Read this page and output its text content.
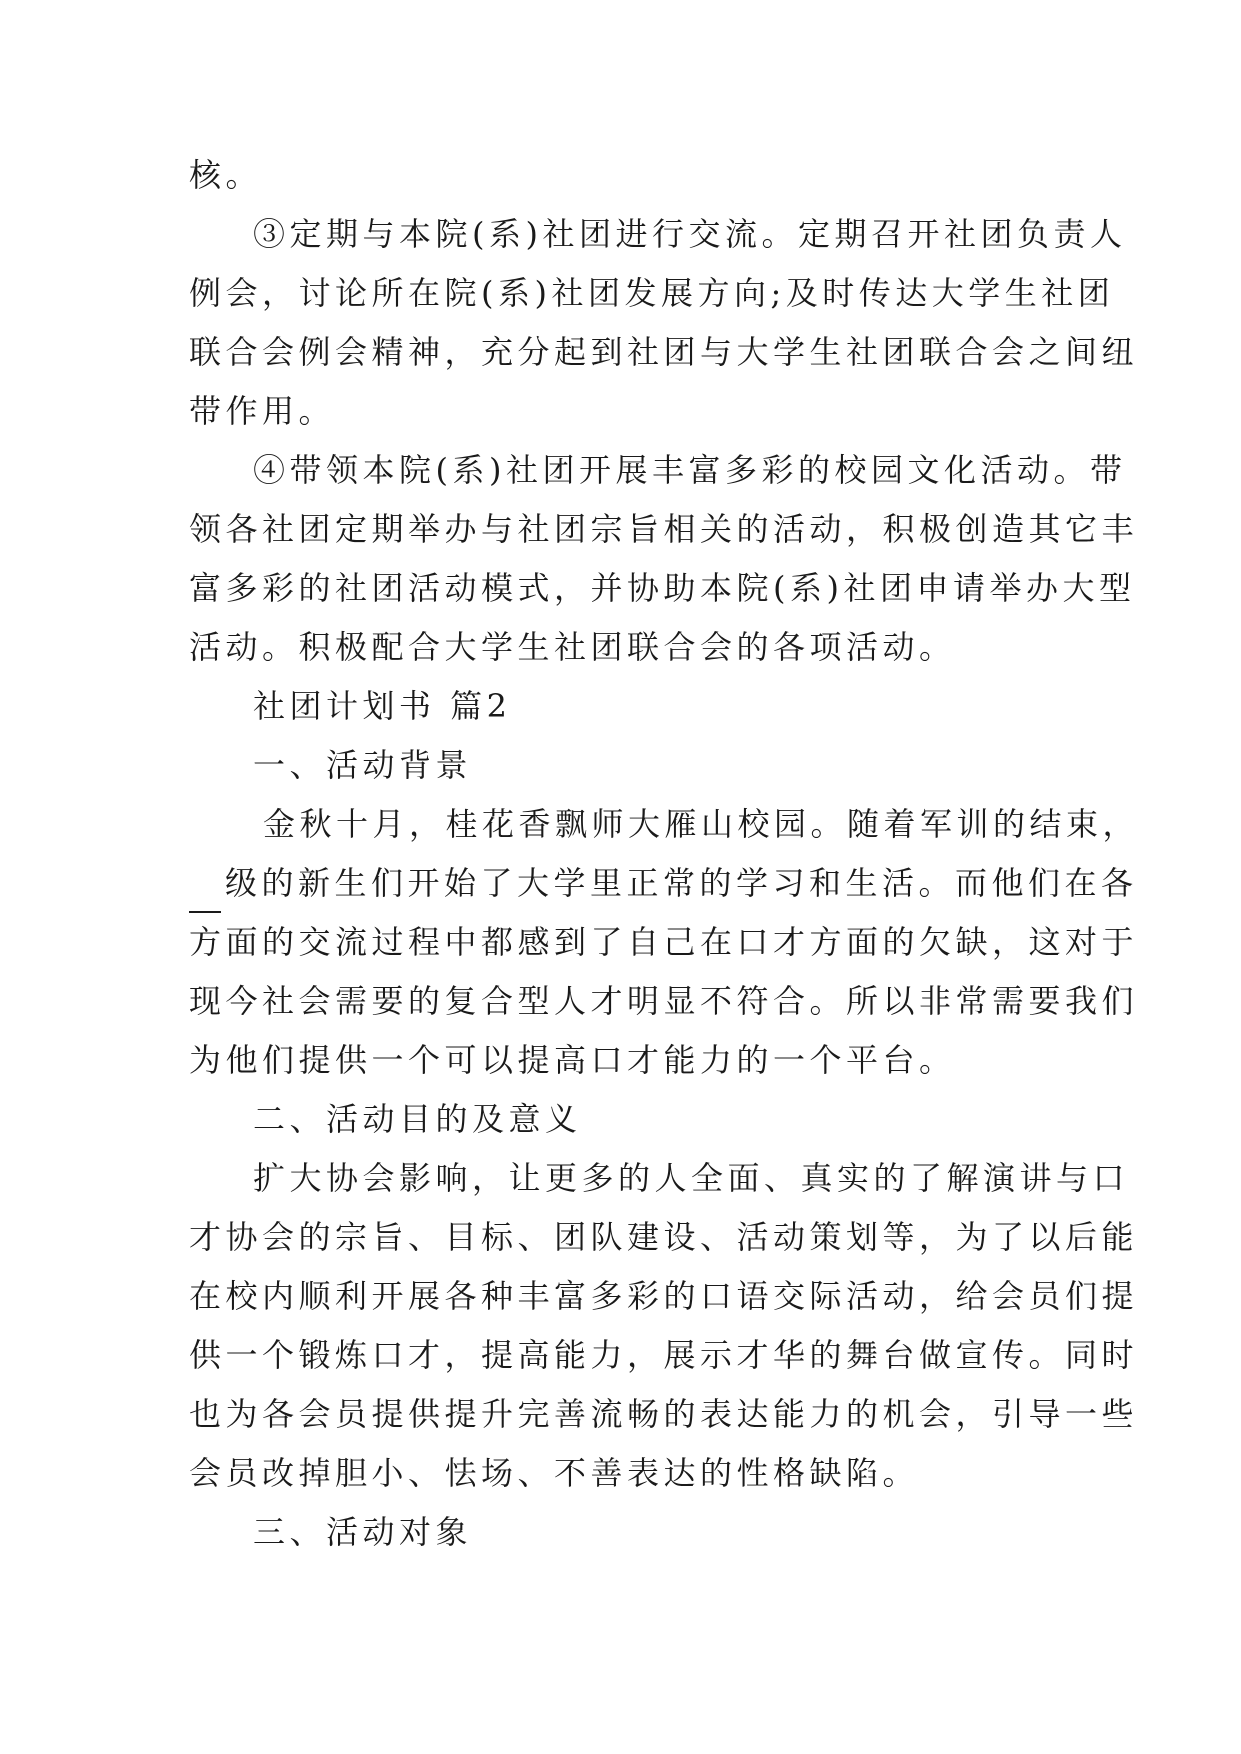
核。

③定期与本院(系)社团进行交流。定期召开社团负责人

例会，讨论所在院(系)社团发展方向;及时传达大学生社团

联合会例会精神，充分起到社团与大学生社团联合会之间纽

带作用。

④带领本院(系)社团开展丰富多彩的校园文化活动。带

领各社团定期举办与社团宗旨相关的活动，积极创造其它丰

富多彩的社团活动模式，并协助本院(系)社团申请举办大型

活动。积极配合大学生社团联合会的各项活动。

社团计划书 篇2

一、活动背景

金秋十月，桂花香飘师大雁山校园。随着军训的结束，

级的新生们开始了大学里正常的学习和生活。而他们在各

方面的交流过程中都感到了自己在口才方面的欠缺，这对于

现今社会需要的复合型人才明显不符合。所以非常需要我们

为他们提供一个可以提高口才能力的一个平台。

二、活动目的及意义

扩大协会影响，让更多的人全面、真实的了解演讲与口

才协会的宗旨、目标、团队建设、活动策划等，为了以后能

在校内顺利开展各种丰富多彩的口语交际活动，给会员们提

供一个锻炼口才，提高能力，展示才华的舞台做宣传。同时

也为各会员提供提升完善流畅的表达能力的机会，引导一些

会员改掉胆小、怯场、不善表达的性格缺陷。

三、活动对象
